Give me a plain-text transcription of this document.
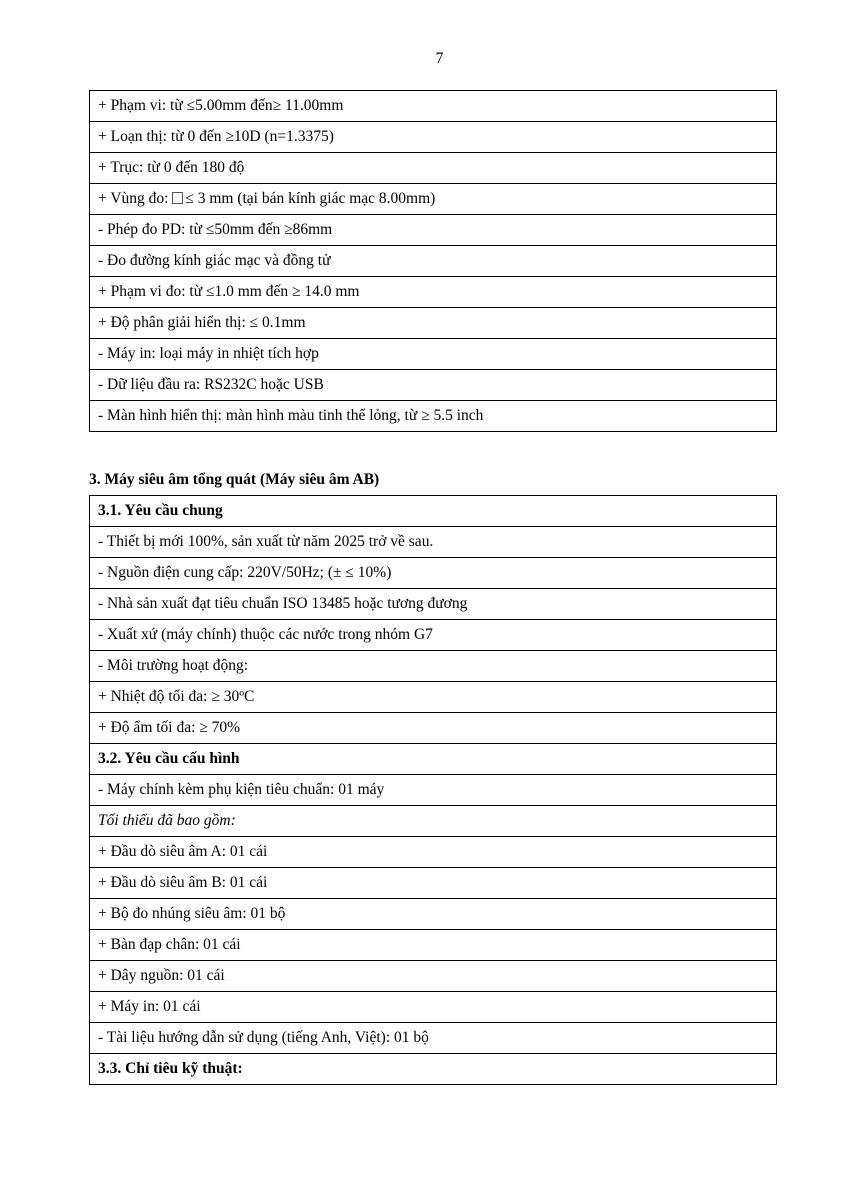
7
+ Phạm vi: từ ≤5.00mm đến≥ 11.00mm
+ Loạn thị: từ 0 đến ≥10D (n=1.3375)
+ Trục: từ 0 đến 180 độ
+ Vùng đo: ≤ 3 mm (tại bán kính giác mạc 8.00mm)
- Phép đo PD: từ ≤50mm đến ≥86mm
- Đo đường kính giác mạc và đồng tử
+ Phạm vi đo: từ ≤1.0 mm đến ≥ 14.0 mm
+ Độ phân giải hiển thị: ≤ 0.1mm
- Máy in: loại máy in nhiệt tích hợp
- Dữ liệu đầu ra: RS232C hoặc USB
- Màn hình hiển thị: màn hình màu tinh thể lỏng, từ ≥ 5.5 inch
3. Máy siêu âm tổng quát (Máy siêu âm AB)
3.1. Yêu cầu chung
- Thiết bị mới 100%, sản xuất từ năm 2025 trở về sau.
- Nguồn điện cung cấp: 220V/50Hz; (± ≤ 10%)
- Nhà sản xuất đạt tiêu chuẩn ISO 13485 hoặc tương đương
- Xuất xứ (máy chính) thuộc các nước trong nhóm G7
- Môi trường hoạt động:
+ Nhiệt độ tối đa: ≥ 30ºC
+ Độ ẩm tối đa: ≥ 70%
3.2. Yêu cầu cấu hình
- Máy chính kèm phụ kiện tiêu chuẩn: 01 máy
Tối thiểu đã bao gồm:
+ Đầu dò siêu âm A: 01 cái
+ Đầu dò siêu âm B: 01 cái
+ Bộ đo nhúng siêu âm: 01 bộ
+ Bàn đạp chân: 01 cái
+ Dây nguồn: 01 cái
+ Máy in: 01 cái
- Tài liệu hướng dẫn sử dụng (tiếng Anh, Việt): 01 bộ
3.3. Chỉ tiêu kỹ thuật:
